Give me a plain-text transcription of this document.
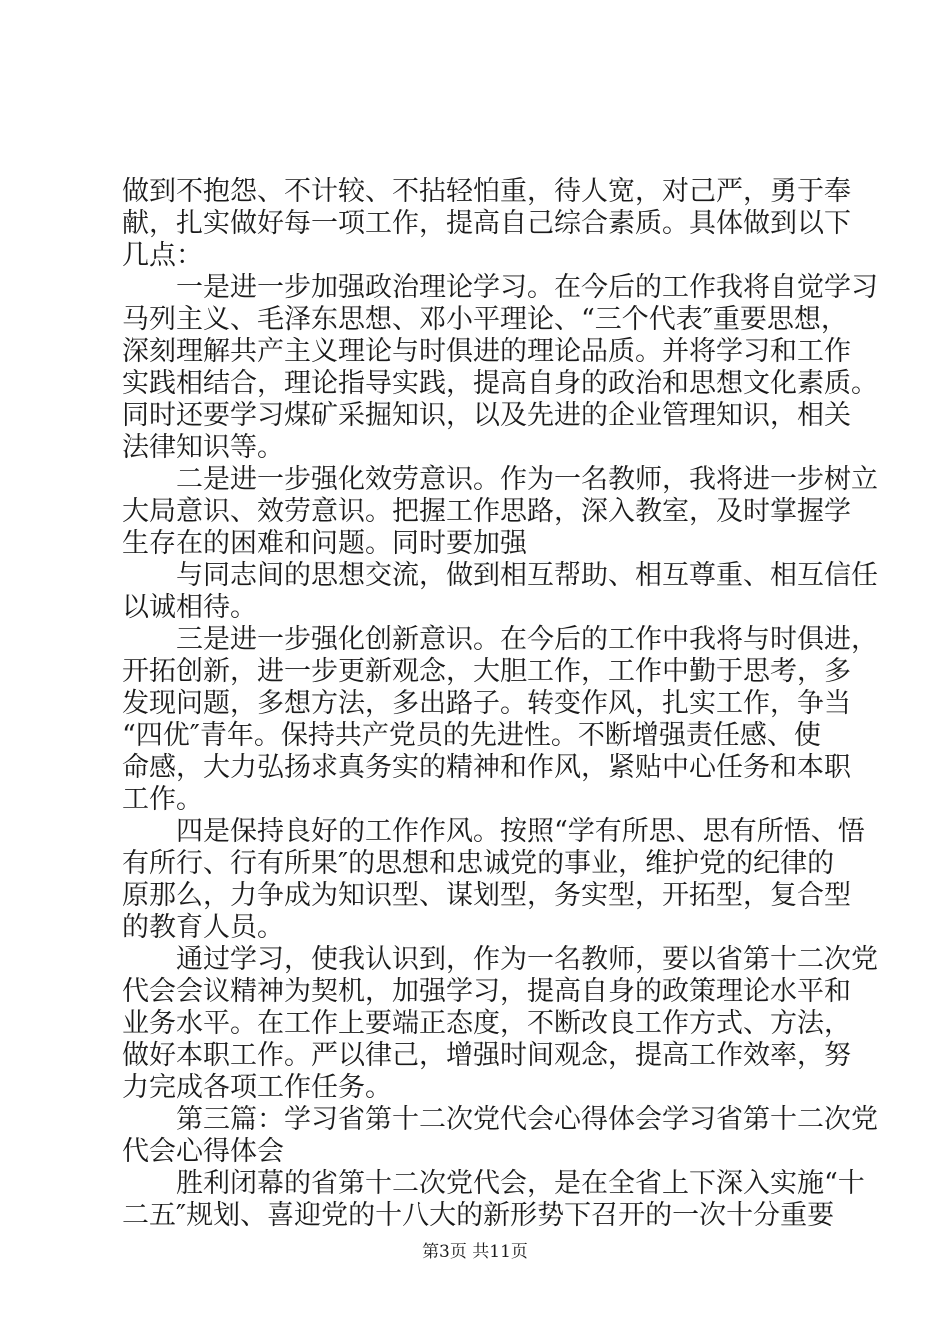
做到不抱怨、不计较、不拈轻怕重，待人宽，对己严，勇于奉
献，扎实做好每一项工作，提高自己综合素质。具体做到以下
几点：
一是进一步加强政治理论学习。在今后的工作我将自觉学习
马列主义、毛泽东思想、邓小平理论、“三个代表″重要思想，
深刻理解共产主义理论与时俱进的理论品质。并将学习和工作
实践相结合，理论指导实践，提高自身的政治和思想文化素质。
同时还要学习煤矿采掘知识，以及先进的企业管理知识，相关
法律知识等。
二是进一步强化效劳意识。作为一名教师，我将进一步树立
大局意识、效劳意识。把握工作思路，深入教室，及时掌握学
生存在的困难和问题。同时要加强
与同志间的思想交流，做到相互帮助、相互尊重、相互信任
以诚相待。
三是进一步强化创新意识。在今后的工作中我将与时俱进，
开拓创新，进一步更新观念，大胆工作，工作中勤于思考，多
发现问题，多想方法，多出路子。转变作风，扎实工作，争当
“四优″青年。保持共产党员的先进性。不断增强责任感、使
命感，大力弘扬求真务实的精神和作风，紧贴中心任务和本职
工作。
四是保持良好的工作作风。按照“学有所思、思有所悟、悟
有所行、行有所果″的思想和忠诚党的事业，维护党的纪律的
原那么，力争成为知识型、谋划型，务实型，开拓型，复合型
的教育人员。
通过学习，使我认识到，作为一名教师，要以省第十二次党
代会会议精神为契机，加强学习，提高自身的政策理论水平和
业务水平。在工作上要端正态度，不断改良工作方式、方法，
做好本职工作。严以律己，增强时间观念，提高工作效率，努
力完成各项工作任务。
第三篇：学习省第十二次党代会心得体会学习省第十二次党
代会心得体会
胜利闭幕的省第十二次党代会，是在全省上下深入实施“十
二五″规划、喜迎党的十八大的新形势下召开的一次十分重要
第3页 共11页
